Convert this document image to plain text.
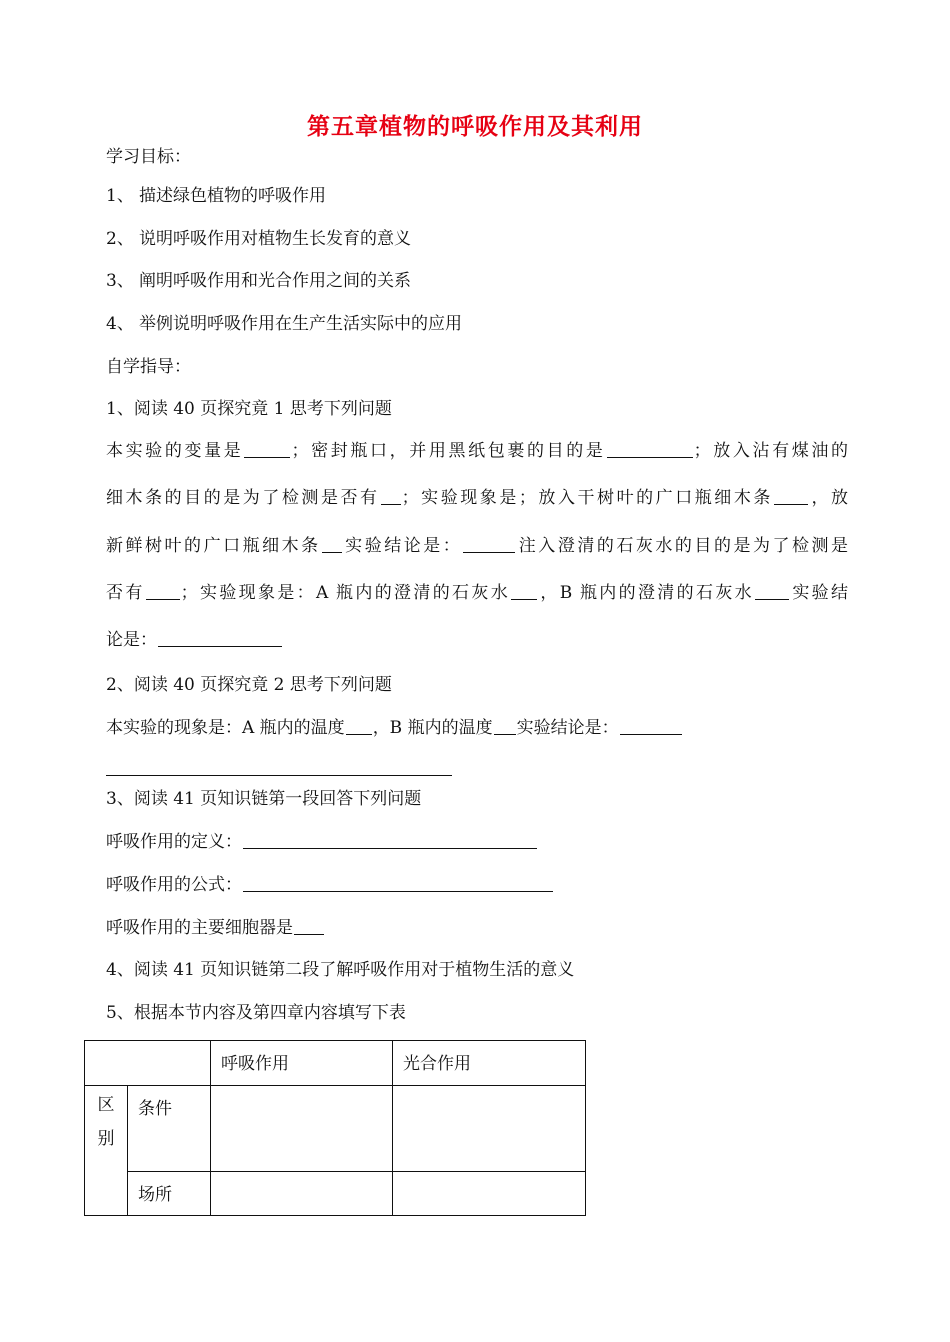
第五章植物的呼吸作用及其利用
学习目标：
1、 描述绿色植物的呼吸作用
2、 说明呼吸作用对植物生长发育的意义
3、 阐明呼吸作用和光合作用之间的关系
4、 举例说明呼吸作用在生产生活实际中的应用
自学指导：
1、阅读 40 页探究竟 1 思考下列问题
本实验的变量是	；密封瓶口，并用黑纸包裹的目的是	；放入沾有煤油的
细木条的目的是为了检测是否有 ；实验现象是；放入干树叶的广口瓶细木条 ，放
新鲜树叶的广口瓶细木条 实验结论是：	注入澄清的石灰水的目的是为了检测是
否有 ；实验现象是：A 瓶内的澄清的石灰水 ，B 瓶内的澄清的石灰水 实验结
论是：
2、阅读 40 页探究竟 2 思考下列问题
本实验的现象是：A 瓶内的温度 ，B 瓶内的温度 实验结论是：
3、阅读 41 页知识链第一段回答下列问题
呼吸作用的定义：
呼吸作用的公式：
呼吸作用的主要细胞器是
4、阅读 41 页知识链第二段了解呼吸作用对于植物生活的意义
5、根据本节内容及第四章内容填写下表
		呼吸作用	光合作用

区
别	条件		
	场所		
